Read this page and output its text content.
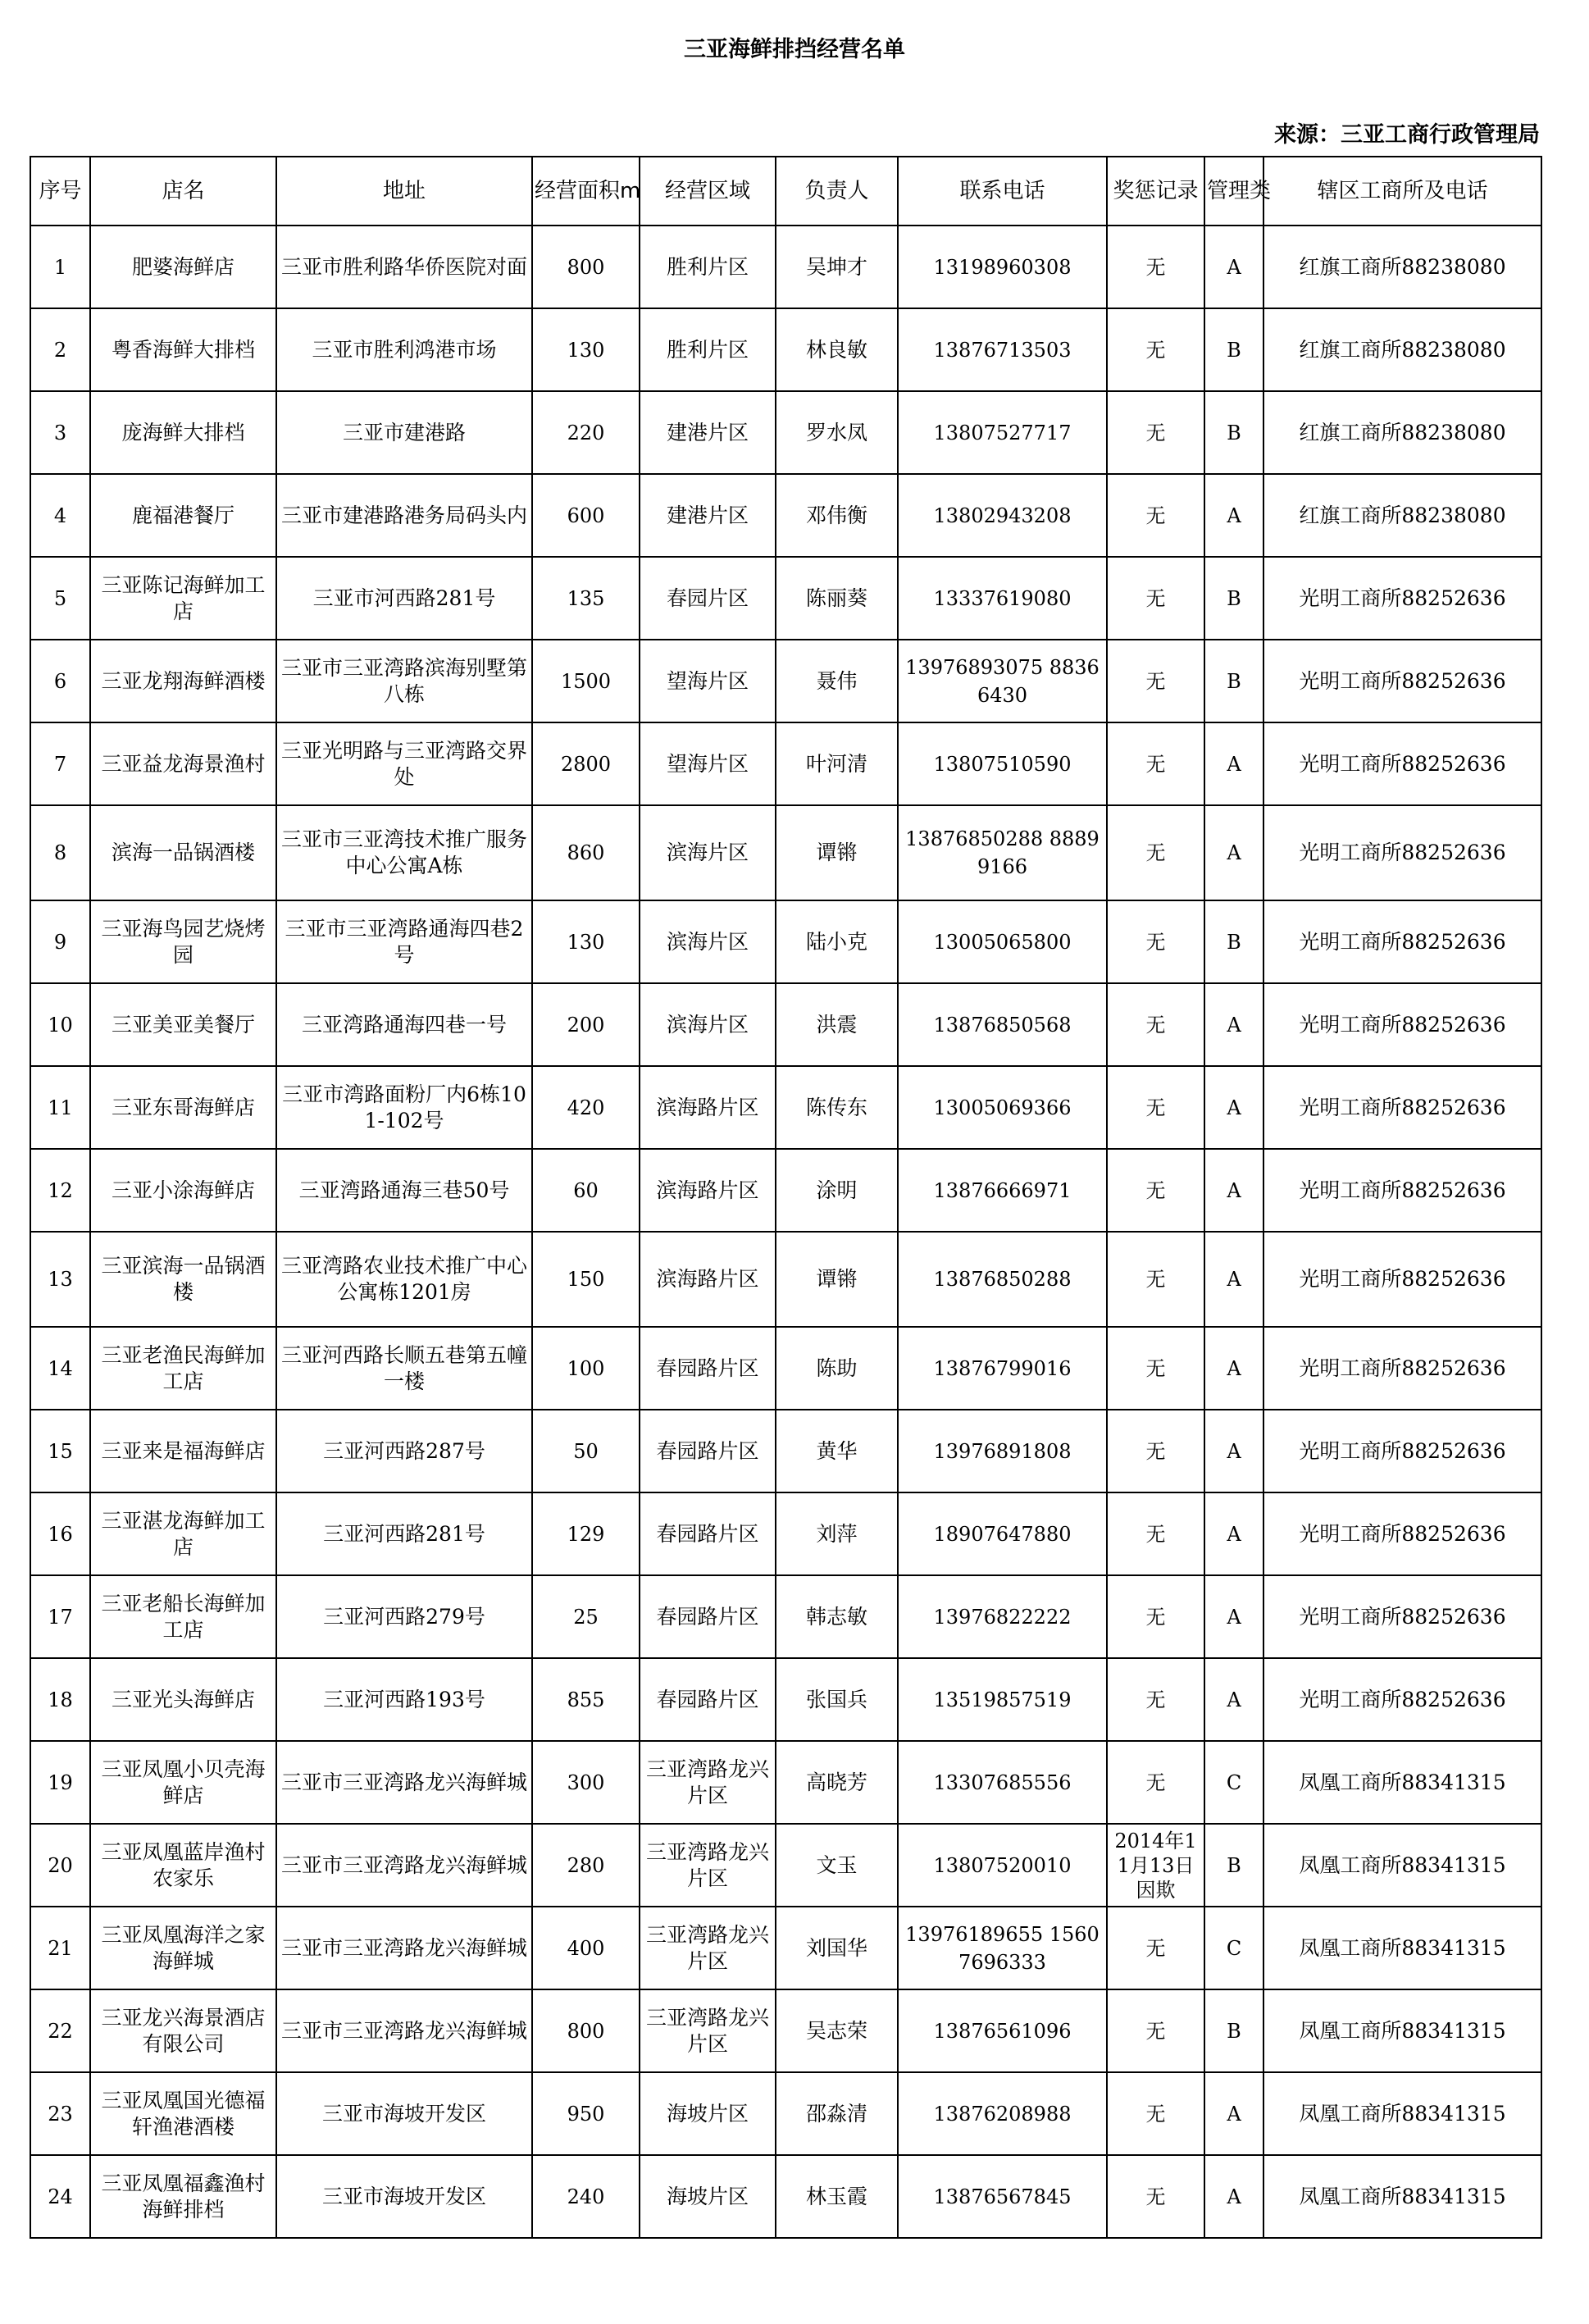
三亚海鲜排挡经营名单
来源：三亚工商行政管理局
序号	店名	地址	经营面积m	经营区域	负责人	联系电话	奖惩记录	管理类	辖区工商所及电话
1	肥婆海鲜店	三亚市胜利路华侨医院对面	800	胜利片区	吴坤才	13198960308	无	A	红旗工商所88238080
2	粤香海鲜大排档	三亚市胜利鸿港市场	130	胜利片区	林良敏	13876713503	无	B	红旗工商所88238080
3	庞海鲜大排档	三亚市建港路	220	建港片区	罗水凤	13807527717	无	B	红旗工商所88238080
4	鹿福港餐厅	三亚市建港路港务局码头内	600	建港片区	邓伟衡	13802943208	无	A	红旗工商所88238080
5	三亚陈记海鲜加工店	三亚市河西路281号	135	春园片区	陈丽葵	13337619080	无	B	光明工商所88252636
6	三亚龙翔海鲜酒楼	三亚市三亚湾路滨海别墅第八栋	1500	望海片区	聂伟	13976893075 88366430	无	B	光明工商所88252636
7	三亚益龙海景渔村	三亚光明路与三亚湾路交界处	2800	望海片区	叶河清	13807510590	无	A	光明工商所88252636
8	滨海一品锅酒楼	三亚市三亚湾技术推广服务中心公寓A栋	860	滨海片区	谭锵	13876850288 88899166	无	A	光明工商所88252636
9	三亚海鸟园艺烧烤园	三亚市三亚湾路通海四巷2号	130	滨海片区	陆小克	13005065800	无	B	光明工商所88252636
10	三亚美亚美餐厅	三亚湾路通海四巷一号	200	滨海片区	洪震	13876850568	无	A	光明工商所88252636
11	三亚东哥海鲜店	三亚市湾路面粉厂内6栋101-102号	420	滨海路片区	陈传东	13005069366	无	A	光明工商所88252636
12	三亚小涂海鲜店	三亚湾路通海三巷50号	60	滨海路片区	涂明	13876666971	无	A	光明工商所88252636
13	三亚滨海一品锅酒楼	三亚湾路农业技术推广中心公寓栋1201房	150	滨海路片区	谭锵	13876850288	无	A	光明工商所88252636
14	三亚老渔民海鲜加工店	三亚河西路长顺五巷第五幢一楼	100	春园路片区	陈助	13876799016	无	A	光明工商所88252636
15	三亚来是福海鲜店	三亚河西路287号	50	春园路片区	黄华	13976891808	无	A	光明工商所88252636
16	三亚湛龙海鲜加工店	三亚河西路281号	129	春园路片区	刘萍	18907647880	无	A	光明工商所88252636
17	三亚老船长海鲜加工店	三亚河西路279号	25	春园路片区	韩志敏	13976822222	无	A	光明工商所88252636
18	三亚光头海鲜店	三亚河西路193号	855	春园路片区	张国兵	13519857519	无	A	光明工商所88252636
19	三亚凤凰小贝壳海鲜店	三亚市三亚湾路龙兴海鲜城	300	三亚湾路龙兴片区	高晓芳	13307685556	无	C	凤凰工商所88341315
20	三亚凤凰蓝岸渔村农家乐	三亚市三亚湾路龙兴海鲜城	280	三亚湾路龙兴片区	文玉	13807520010	2014年11月13日因欺	B	凤凰工商所88341315
21	三亚凤凰海洋之家海鲜城	三亚市三亚湾路龙兴海鲜城	400	三亚湾路龙兴片区	刘国华	13976189655 15607696333	无	C	凤凰工商所88341315
22	三亚龙兴海景酒店有限公司	三亚市三亚湾路龙兴海鲜城	800	三亚湾路龙兴片区	吴志荣	13876561096	无	B	凤凰工商所88341315
23	三亚凤凰国光德福轩渔港酒楼	三亚市海坡开发区	950	海坡片区	邵淼清	13876208988	无	A	凤凰工商所88341315
24	三亚凤凰福鑫渔村海鲜排档	三亚市海坡开发区	240	海坡片区	林玉霞	13876567845	无	A	凤凰工商所88341315
